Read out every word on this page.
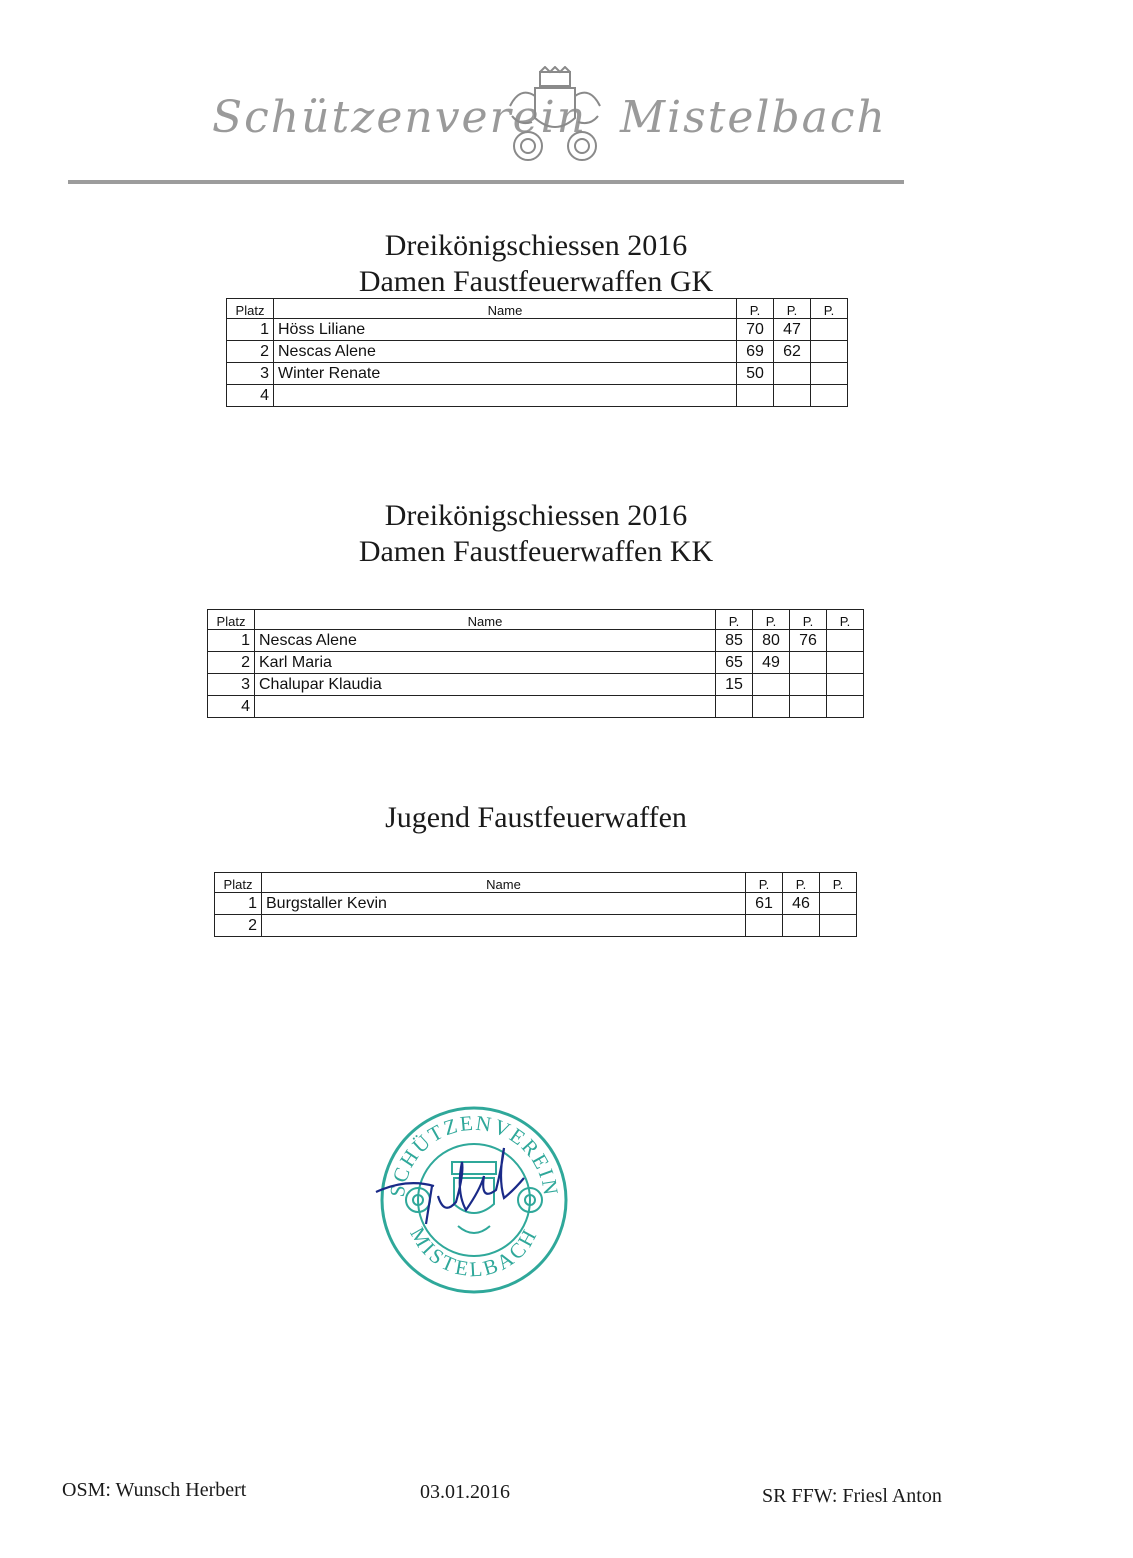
Schützenverein Mistelbach
Dreikönigschiessen 2016
Damen Faustfeuerwaffen GK
Platz	Name	P.	P.	P.
1	Höss Liliane	70	47	
2	Nescas Alene	69	62	
3	Winter Renate	50		
4				
Dreikönigschiessen 2016
Damen Faustfeuerwaffen KK
Platz	Name	P.	P.	P.	P.
1	Nescas Alene	85	80	76	
2	Karl Maria	65	49		
3	Chalupar Klaudia	15			
4					
Jugend Faustfeuerwaffen
Platz	Name	P.	P.	P.
1	Burgstaller Kevin	61	46	
2				
SCHÜTZENVEREIN
MISTELBACH
OSM: Wunsch Herbert	03.01.2016	SR FFW: Friesl Anton
